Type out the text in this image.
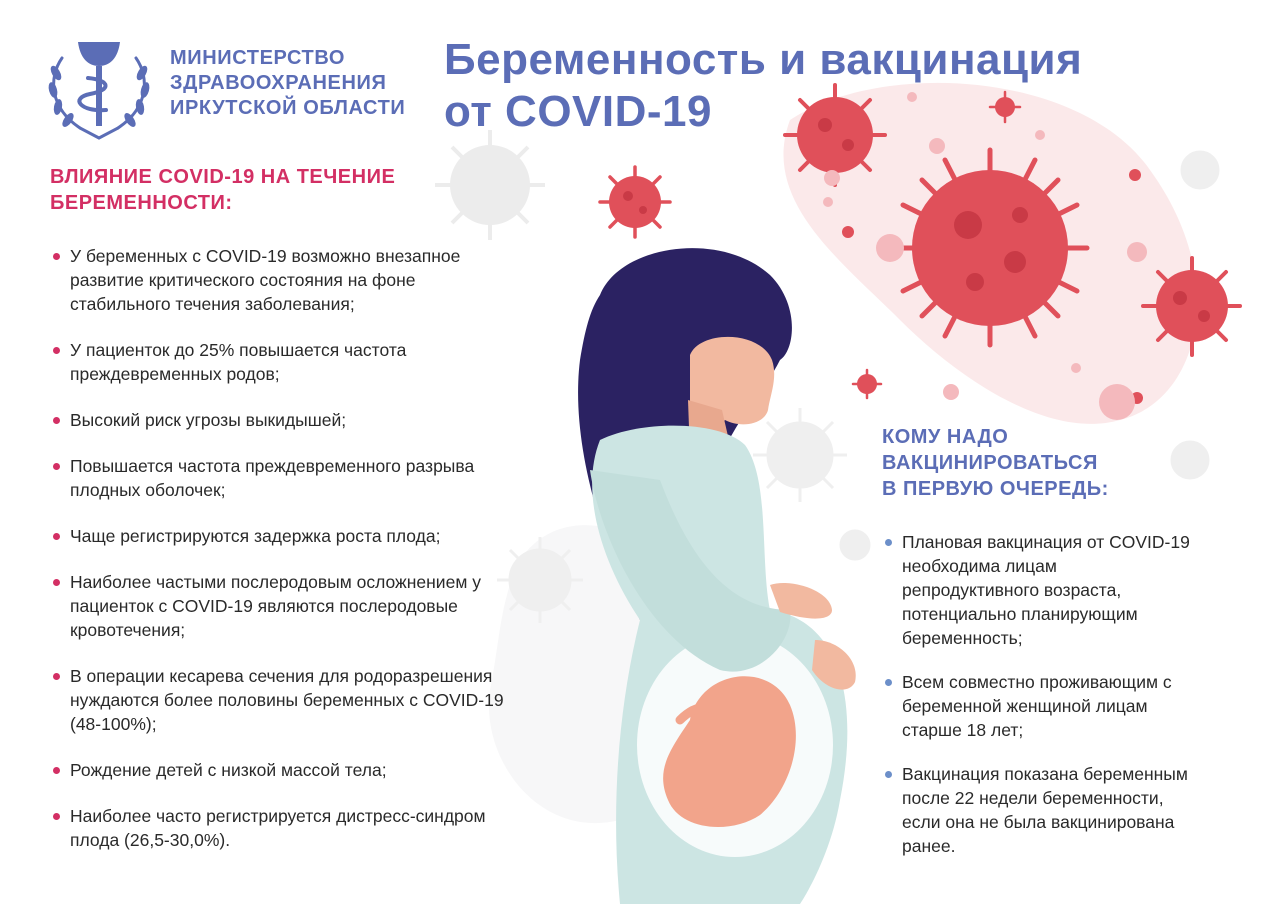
МИНИСТЕРСТВО
ЗДРАВООХРАНЕНИЯ
ИРКУТСКОЙ ОБЛАСТИ
Беременность и вакцинация
от COVID-19
ВЛИЯНИЕ COVID-19 НА ТЕЧЕНИЕ
БЕРЕМЕННОСТИ:
У беременных с COVID-19 возможно внезапное
развитие критического состояния на фоне
стабильного течения заболевания;
У пациенток до 25% повышается частота
преждевременных родов;
Высокий риск угрозы выкидышей;
Повышается частота преждевременного разрыва
плодных оболочек;
Чаще регистрируются задержка роста плода;
Наиболее частыми послеродовым осложнением у
пациенток с COVID-19 являются послеродовые
кровотечения;
В операции кесарева сечения для родоразрешения
нуждаются более половины беременных с COVID-19
(48-100%);
Рождение детей с низкой массой тела;
Наиболее часто регистрируется дистресс-синдром
плода (26,5-30,0%).
КОМУ НАДО
ВАКЦИНИРОВАТЬСЯ
В ПЕРВУЮ ОЧЕРЕДЬ:
Плановая вакцинация от COVID-19
необходима лицам
репродуктивного возраста,
потенциально планирующим
беременность;
Всем совместно проживающим с
беременной женщиной лицам
старше 18 лет;
Вакцинация показана беременным
после 22 недели беременности,
если она не была вакцинирована
ранее.
